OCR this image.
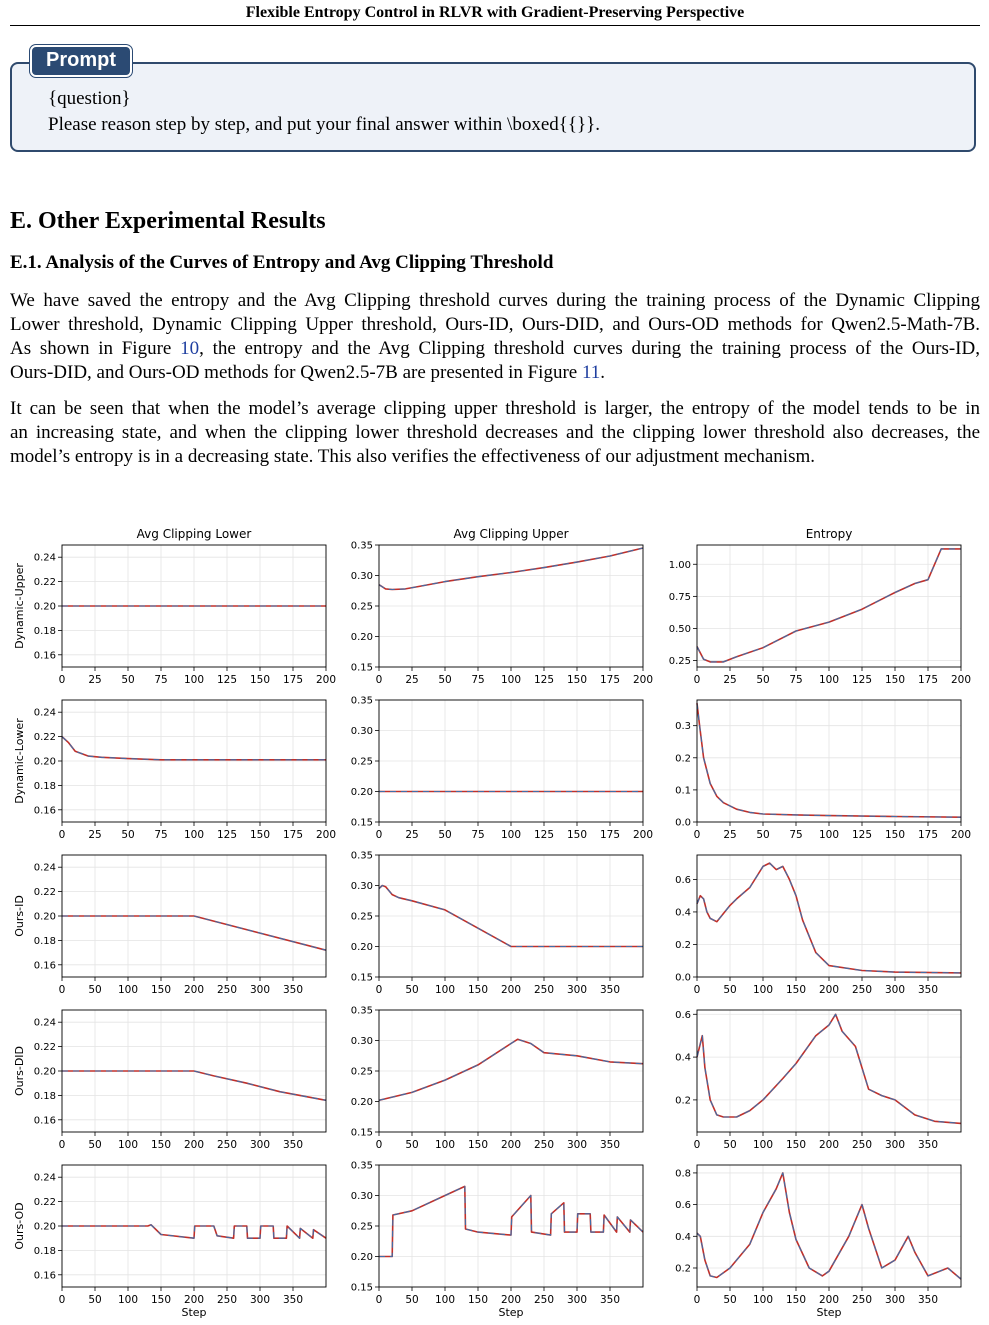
Flexible Entropy Control in RLVR with Gradient-Preserving Perspective
{question}
Please reason step by step, and put your final answer within \boxed{{}}.
Prompt
E. Other Experimental Results
E.1. Analysis of the Curves of Entropy and Avg Clipping Threshold
We have saved the entropy and the Avg Clipping threshold curves during the training process of the Dynamic Clipping
Lower threshold, Dynamic Clipping Upper threshold, Ours-ID, Ours-DID, and Ours-OD methods for Qwen2.5-Math-7B.
As shown in Figure 10, the entropy and the Avg Clipping threshold curves during the training process of the Ours-ID,
Ours-DID, and Ours-OD methods for Qwen2.5-7B are presented in Figure 11.
It can be seen that when the model’s average clipping upper threshold is larger, the entropy of the model tends to be in
an increasing state, and when the clipping lower threshold decreases and the clipping lower threshold also decreases, the
model’s entropy is in a decreasing state. This also verifies the effectiveness of our adjustment mechanism.
Avg Clipping Lower	Avg Clipping Upper	Entropy
Dynamic-Upper
Dynamic-Lower
Ours-ID
Ours-DID
Ours-OD
0 25 50 75 100 125 150 175 200
0.16
0.18
0.20
0.22
0.24
0 25 50 75 100 125 150 175 200
0.15
0.20
0.25
0.30
0.35
0 25 50 75 100 125 150 175 200
0.25
0.50
0.75
1.00
0 25 50 75 100 125 150 175 200
0.16
0.18
0.20
0.22
0.24
0 25 50 75 100 125 150 175 200
0.15
0.20
0.25
0.30
0.35
0 25 50 75 100 125 150 175 200
0.0
0.1
0.2
0.3
0 50 100 150 200 250 300 350
0.16
0.18
0.20
0.22
0.24
0 50 100 150 200 250 300 350
0.15
0.20
0.25
0.30
0.35
0 50 100 150 200 250 300 350
0.0
0.2
0.4
0.6
0 50 100 150 200 250 300 350
0.16
0.18
0.20
0.22
0.24
0 50 100 150 200 250 300 350
0.15
0.20
0.25
0.30
0.35
0 50 100 150 200 250 300 350
0.2
0.4
0.6
0 50 100 150 200 250 300 350
0.16
0.18
0.20
0.22
0.24
0 50 100 150 200 250 300 350
0.15
0.20
0.25
0.30
0.35
0 50 100 150 200 250 300 350
0.2
0.4
0.6
0.8
Step	Step	Step
